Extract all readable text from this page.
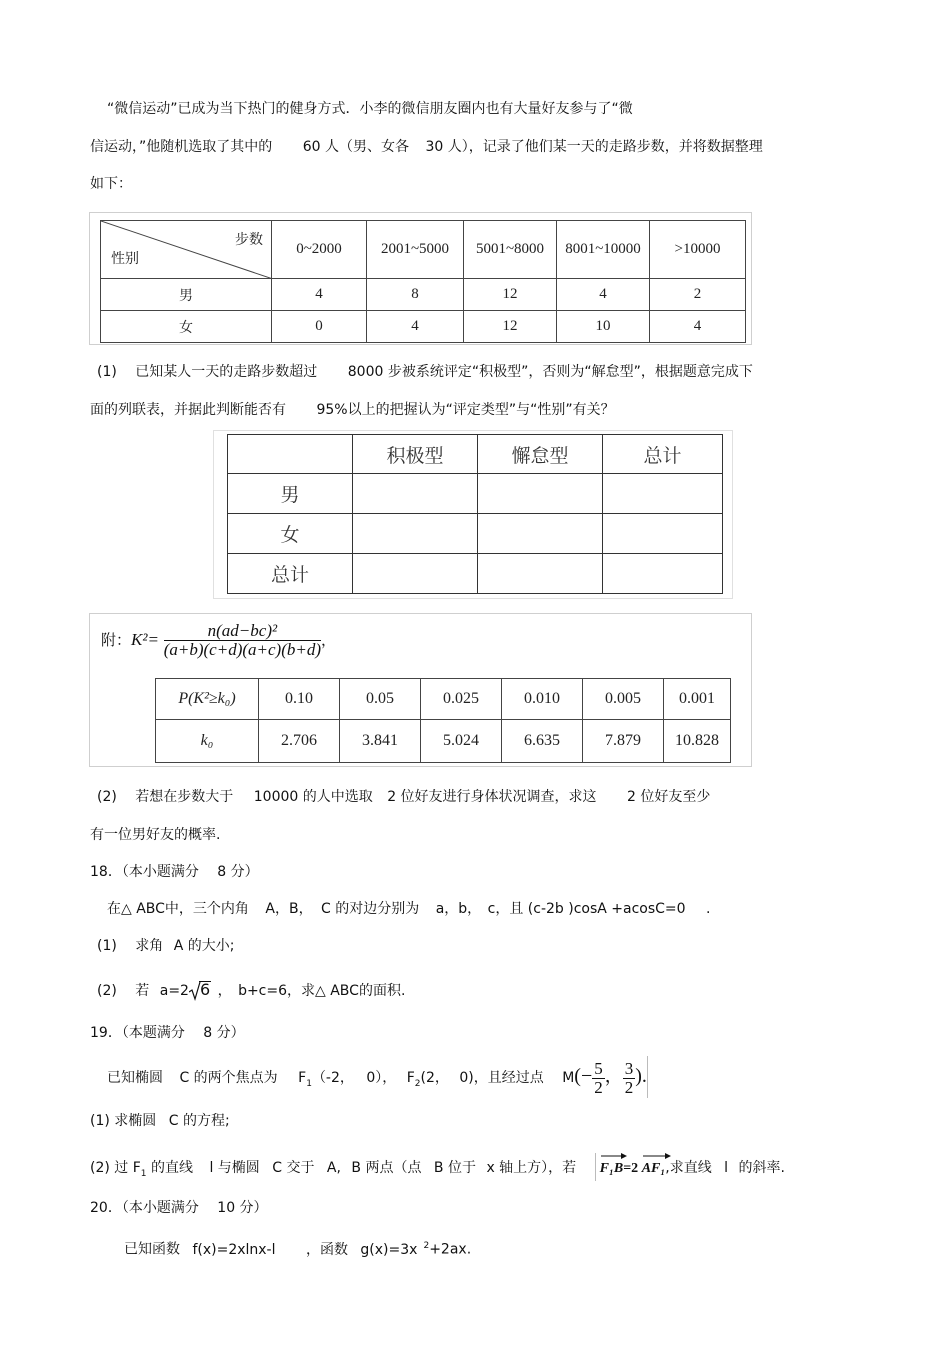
“微信运动”已成为当下热门的健身方式．小李的微信朋友圈内也有大量好友参与了“微
信运动，”他随机选取了其中的 60 人（男、女各 30 人），记录了他们某一天的走路步数，并将数据整理
如下：
步数
性别	0~2000	2001~5000	5001~8000	8001~10000	>10000
男	4	8	12	4	2
女	0	4	12	10	4
(1) 已知某人一天的走路步数超过 8000 步被系统评定“积极型”，否则为“解怠型”，根据题意完成下
面的列联表，并据此判断能否有 95%以上的把握认为“评定类型”与“性别”有关？
	积极型	懈怠型	总计
男			
女			
总计			
附：$K^2= \frac{\text{n(ad−bc)²}}{(a+b)(c+d)(a+c)(b+d)}$ ，
P(K²≥k₀)	0.10	0.05	0.025	0.010	0.005	0.001
k₀	2.706	3.841	5.024	6.635	7.879	10.828
(2) 若想在步数大于 10000 的人中选取 2 位好友进行身体状况调查，求这 2 位好友至少
有一位男好友的概率.
18．（本小题满分 8 分）
在△ ABC中，三个内角 A，B， C 的对边分别为 a，b， c，且 (c-2b )cosA +acosC=0 .
(1) 求角 A 的大小;
(2) 若 a=2 6 ， b+c=6，求△ ABC的面积.
19．（本题满分 8 分）
已知椭圆 C 的两个焦点为 $F_1(-2$， 0）， $F_2(2$， 0)，且经过点 $M(- \frac{5}{2}$ ， $\frac{3}{2}$ ).
(1) 求椭圆 C 的方程;
(2) 过 $F_1$ 的直线 l 与椭圆 C 交于 A, B 两点（点 B 位于 x 轴上方），若 F₁B=2 AF₁,求直线 l 的斜率.
20．（本小题满分 10 分）
已知函数 f(x)=2xlnx-l ，函数 g(x)=3x $^2$+2ax.
